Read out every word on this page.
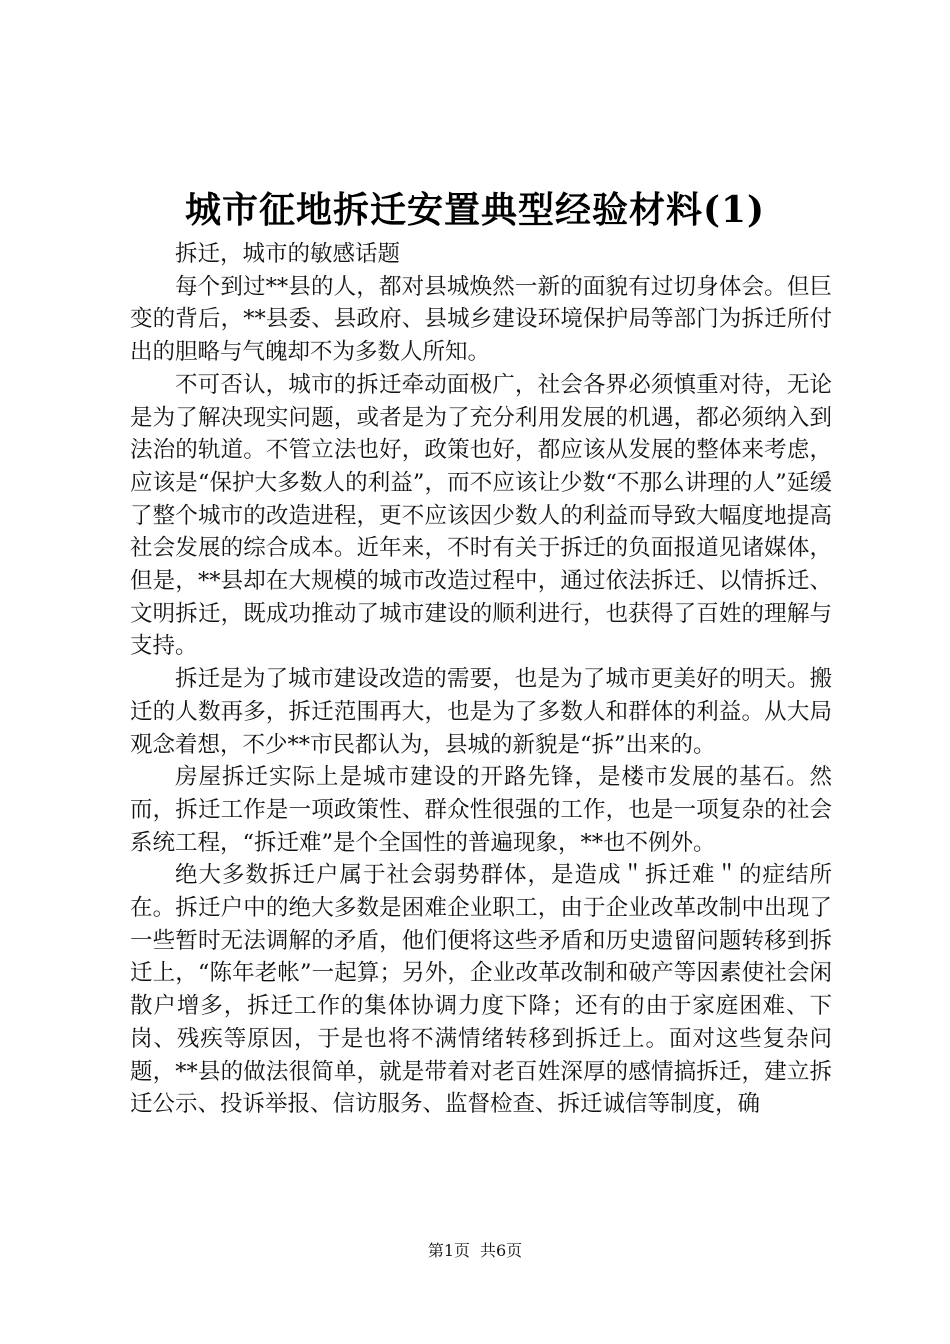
城市征地拆迁安置典型经验材料(1)

拆迁，城市的敏感话题

每个到过**县的人，都对县城焕然一新的面貌有过切身体会。但巨变的背后，**县委、县政府、县城乡建设环境保护局等部门为拆迁所付出的胆略与气魄却不为多数人所知。

不可否认，城市的拆迁牵动面极广，社会各界必须慎重对待，无论是为了解决现实问题，或者是为了充分利用发展的机遇，都必须纳入到法治的轨道。不管立法也好，政策也好，都应该从发展的整体来考虑，应该是“保护大多数人的利益”，而不应该让少数“不那么讲理的人”延缓了整个城市的改造进程，更不应该因少数人的利益而导致大幅度地提高社会发展的综合成本。近年来，不时有关于拆迁的负面报道见诸媒体，但是，**县却在大规模的城市改造过程中，通过依法拆迁、以情拆迁、文明拆迁，既成功推动了城市建设的顺利进行，也获得了百姓的理解与支持。

拆迁是为了城市建设改造的需要，也是为了城市更美好的明天。搬迁的人数再多，拆迁范围再大，也是为了多数人和群体的利益。从大局观念着想，不少**市民都认为，县城的新貌是“拆”出来的。

房屋拆迁实际上是城市建设的开路先锋，是楼市发展的基石。然而，拆迁工作是一项政策性、群众性很强的工作，也是一项复杂的社会系统工程，“拆迁难”是个全国性的普遍现象，**也不例外。

绝大多数拆迁户属于社会弱势群体，是造成＂拆迁难＂的症结所在。拆迁户中的绝大多数是困难企业职工，由于企业改革改制中出现了一些暂时无法调解的矛盾，他们便将这些矛盾和历史遗留问题转移到拆迁上，“陈年老帐”一起算；另外，企业改革改制和破产等因素使社会闲散户增多，拆迁工作的集体协调力度下降；还有的由于家庭困难、下岗、残疾等原因，于是也将不满情绪转移到拆迁上。面对这些复杂问题，**县的做法很简单，就是带着对老百姓深厚的感情搞拆迁，建立拆迁公示、投诉举报、信访服务、监督检查、拆迁诚信等制度，确

第1页 共6页
